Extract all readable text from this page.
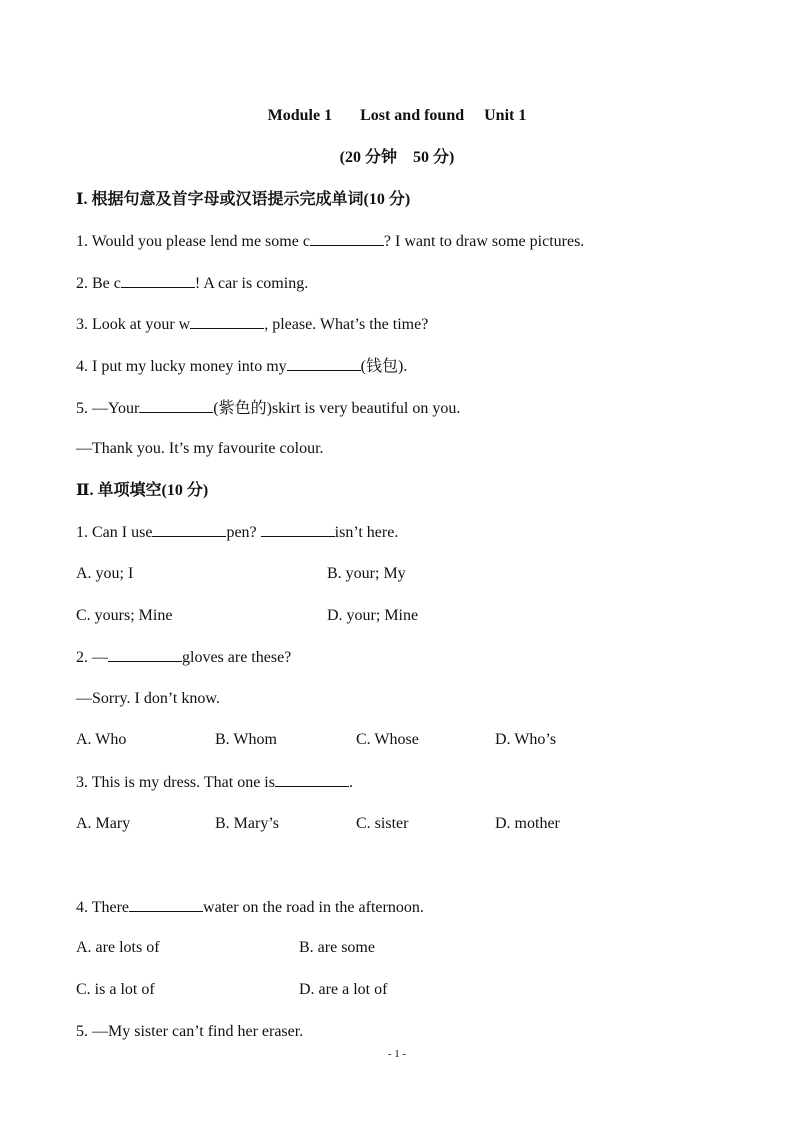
Module 1 Lost and found Unit 1
(20 分钟    50 分)
Ⅰ. 根据句意及首字母或汉语提示完成单词(10 分)
1. Would you please lend me some c	? I want to draw some pictures.
2. Be c	! A car is coming.
3. Look at your w	, please. What’s the time?
4. I put my lucky money into my	(钱包).
5. —Your	(紫色的)skirt is very beautiful on you.
—Thank you. It’s my favourite colour.
Ⅱ. 单项填空(10 分)
1. Can I use	pen?	isn’t here.
A. you; I	B. your; My
C. yours; Mine	D. your; Mine
2. —	gloves are these?
—Sorry. I don’t know.
A. Who	B. Whom	C. Whose	D. Who’s
3. This is my dress. That one is	.
A. Mary	B. Mary’s	C. sister	D. mother
4. There	water on the road in the afternoon.
A. are lots of	B. are some
C. is a lot of	D. are a lot of
5. —My sister can’t find her eraser.
- 1 -
